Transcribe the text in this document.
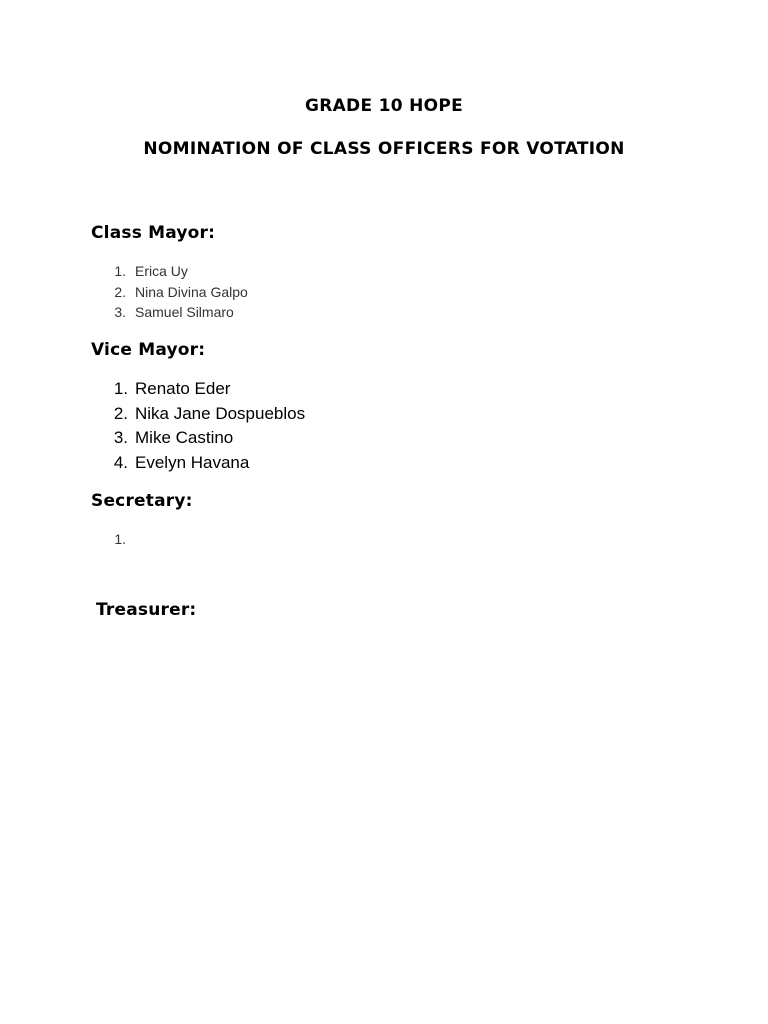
GRADE 10 HOPE
NOMINATION OF CLASS OFFICERS FOR VOTATION
Class Mayor:
1. Erica Uy
2. Nina Divina Galpo
3. Samuel Silmaro
Vice Mayor:
1. Renato Eder
2. Nika Jane Dospueblos
3. Mike Castino
4. Evelyn Havana
Secretary:
1.
Treasurer:
